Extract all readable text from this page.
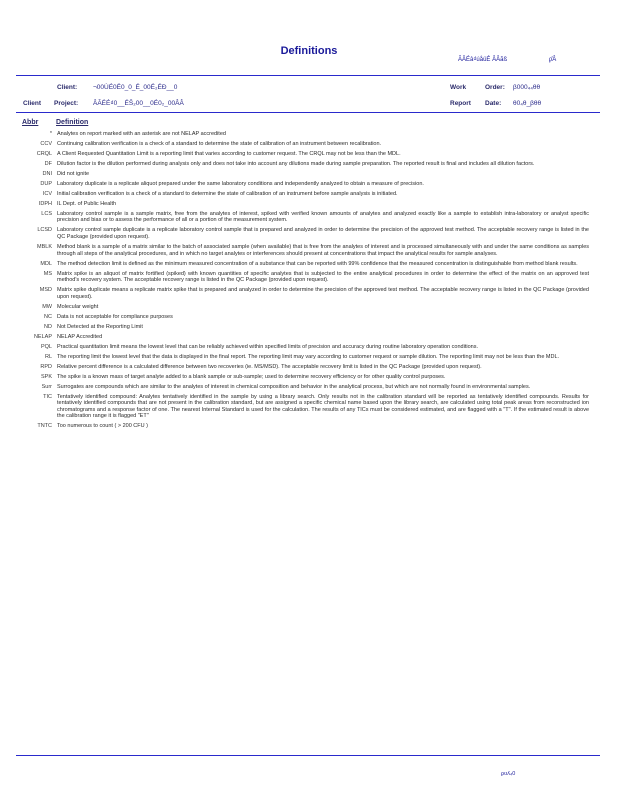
Definitions
ÃÂÉâ₫úåüÉ ÂÂãß	ρ̣̑Â
Client: ¬00ÙÉ0Ë0_0_É_00É₂ÉĐ__0
Client Project: ÂÃÉÉ₫0__ÉŠ₂00__0É0₂_00ÂÂ
Work	Order: β000₄₄θθ
Report Date: θ0₄θ_βθθ
Abbr	Definition
* Analytes on report marked with an asterisk are not NELAP accredited
CCV Continuing calibration verification is a check of a standard to determine the state of calibration of an instrument between recalibration.
CRQL A Client Requested Quantitation Limit is a reporting limit that varies according to customer request. The CRQL may not be less than the MDL.
DF Dilution factor is the dilution performed during analysis only and does not take into account any dilutions made during sample preparation. The reported result is final and includes all dilution factors.
DNI Did not ignite
DUP Laboratory duplicate is a replicate aliquot prepared under the same laboratory conditions and independently analyzed to obtain a measure of precision.
ICV Initial calibration verification is a check of a standard to determine the state of calibration of an instrument before sample analysis is initiated.
IDPH IL Dept. of Public Health
LCS Laboratory control sample is a sample matrix, free from the analytes of interest, spiked with verified known amounts of analytes and analyzed exactly like a sample to establish intra-laboratory or analyst specific precision and bias or to assess the performance of all or a portion of the measurement system.
LCSD Laboratory control sample duplicate is a replicate laboratory control sample that is prepared and analyzed in order to determine the precision of the approved test method. The acceptable recovery range is listed in the QC Package (provided upon request).
MBLK Method blank is a sample of a matrix similar to the batch of associated sample (when available) that is free from the analytes of interest and is processed simultaneously with and under the same conditions as samples through all steps of the analytical procedures, and in which no target analytes or interferences should present at concentrations that impact the analytical results for sample analyses.
MDL The method detection limit is defined as the minimum measured concentration of a substance that can be reported with 99% confidence that the measured concentration is distinguishable from method blank results.
MS Matrix spike is an aliquot of matrix fortified (spiked) with known quantities of specific analytes that is subjected to the entire analytical procedures in order to determine the effect of the matrix on an approved test method's recovery system. The acceptable recovery range is listed in the QC Package (provided upon request).
MSD Matrix spike duplicate means a replicate matrix spike that is prepared and analyzed in order to determine the precision of the approved test method. The acceptable recovery range is listed in the QC Package (provided upon request).
MW Molecular weight
NC Data is not acceptable for compliance purposes
ND Not Detected at the Reporting Limit
NELAP NELAP Accredited
PQL Practical quantitation limit means the lowest level that can be reliably achieved within specified limits of precision and accuracy during routine laboratory operation conditions.
RL The reporting limit the lowest level that the data is displayed in the final report. The reporting limit may vary according to customer request or sample dilution. The reporting limit may not be less than the MDL.
RPD Relative percent difference is a calculated difference between two recoveries (ie. MS/MSD). The acceptable recovery limit is listed in the QC Package (provided upon request).
SPK The spike is a known mass of target analyte added to a blank sample or sub-sample; used to determine recovery efficiency or for other quality control purposes.
Surr Surrogates are compounds which are similar to the analytes of interest in chemical composition and behavior in the analytical process, but which are not normally found in environmental samples.
TIC Tentatively identified compound: Analytes tentatively identified in the sample by using a library search. Only results not in the calibration standard will be reported as tentatively identified compounds. Results for tentatively identified compounds that are not present in the calibration standard, but are assigned a specific chemical name based upon the library search, are calculated using total peak areas from reconstructed ion chromatograms and a response factor of one. The nearest Internal Standard is used for the calculation. The results of any TICs must be considered estimated, and are flagged with a "T". If the estimated result is above the calibration range it is flagged "ET"
TNTC Too numerous to count ( > 200 CFU )
ρ̣ʊʎ₄0
